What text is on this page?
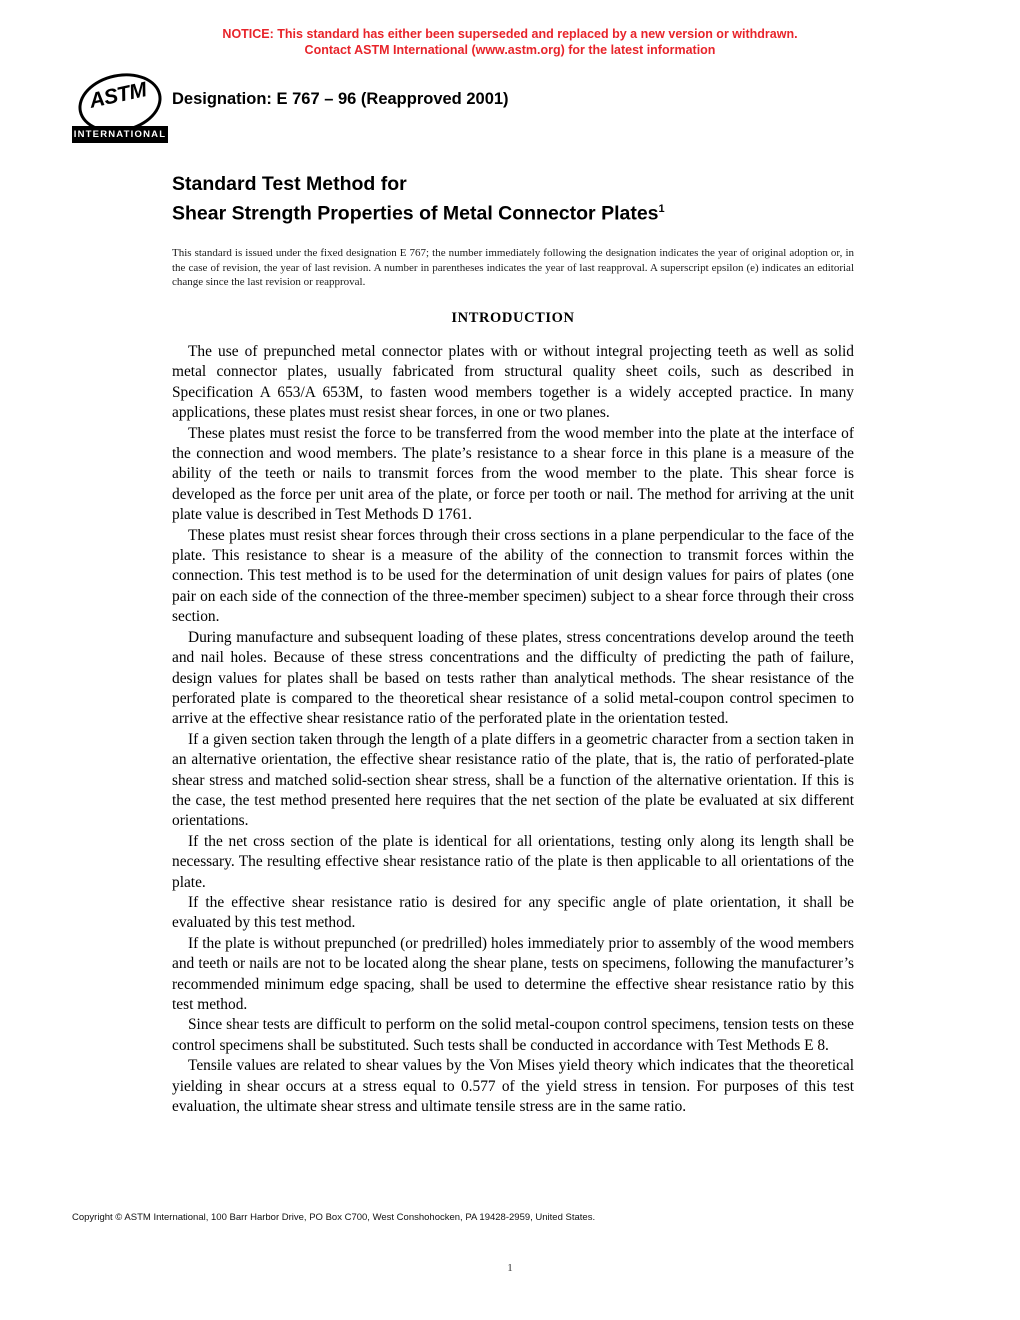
NOTICE: This standard has either been superseded and replaced by a new version or withdrawn.
Contact ASTM International (www.astm.org) for the latest information
ASTM
INTERNATIONAL
Designation: E 767 – 96 (Reapproved 2001)
Standard Test Method for
Shear Strength Properties of Metal Connector Plates$^1$
This standard is issued under the fixed designation E 767; the number immediately following the designation indicates the year of original adoption or, in the case of revision, the year of last revision. A number in parentheses indicates the year of last reapproval. A superscript epsilon (e) indicates an editorial change since the last revision or reapproval.
INTRODUCTION

The use of prepunched metal connector plates with or without integral projecting teeth as well as solid metal connector plates, usually fabricated from structural quality sheet coils, such as described in Specification A 653/A 653M, to fasten wood members together is a widely accepted practice. In many applications, these plates must resist shear forces, in one or two planes.

These plates must resist the force to be transferred from the wood member into the plate at the interface of the connection and wood members. The plate’s resistance to a shear force in this plane is a measure of the ability of the teeth or nails to transmit forces from the wood member to the plate. This shear force is developed as the force per unit area of the plate, or force per tooth or nail. The method for arriving at the unit plate value is described in Test Methods D 1761.

These plates must resist shear forces through their cross sections in a plane perpendicular to the face of the plate. This resistance to shear is a measure of the ability of the connection to transmit forces within the connection. This test method is to be used for the determination of unit design values for pairs of plates (one pair on each side of the connection of the three-member specimen) subject to a shear force through their cross section.

During manufacture and subsequent loading of these plates, stress concentrations develop around the teeth and nail holes. Because of these stress concentrations and the difficulty of predicting the path of failure, design values for plates shall be based on tests rather than analytical methods. The shear resistance of the perforated plate is compared to the theoretical shear resistance of a solid metal-coupon control specimen to arrive at the effective shear resistance ratio of the perforated plate in the orientation tested.

If a given section taken through the length of a plate differs in a geometric character from a section taken in an alternative orientation, the effective shear resistance ratio of the plate, that is, the ratio of perforated-plate shear stress and matched solid-section shear stress, shall be a function of the alternative orientation. If this is the case, the test method presented here requires that the net section of the plate be evaluated at six different orientations.

If the net cross section of the plate is identical for all orientations, testing only along its length shall be necessary. The resulting effective shear resistance ratio of the plate is then applicable to all orientations of the plate.

If the effective shear resistance ratio is desired for any specific angle of plate orientation, it shall be evaluated by this test method.

If the plate is without prepunched (or predrilled) holes immediately prior to assembly of the wood members and teeth or nails are not to be located along the shear plane, tests on specimens, following the manufacturer’s recommended minimum edge spacing, shall be used to determine the effective shear resistance ratio by this test method.

Since shear tests are difficult to perform on the solid metal-coupon control specimens, tension tests on these control specimens shall be substituted. Such tests shall be conducted in accordance with Test Methods E 8.

Tensile values are related to shear values by the Von Mises yield theory which indicates that the theoretical yielding in shear occurs at a stress equal to 0.577 of the yield stress in tension. For purposes of this test evaluation, the ultimate shear stress and ultimate tensile stress are in the same ratio.

Copyright © ASTM International, 100 Barr Harbor Drive, PO Box C700, West Conshohocken, PA 19428-2959, United States.
1
